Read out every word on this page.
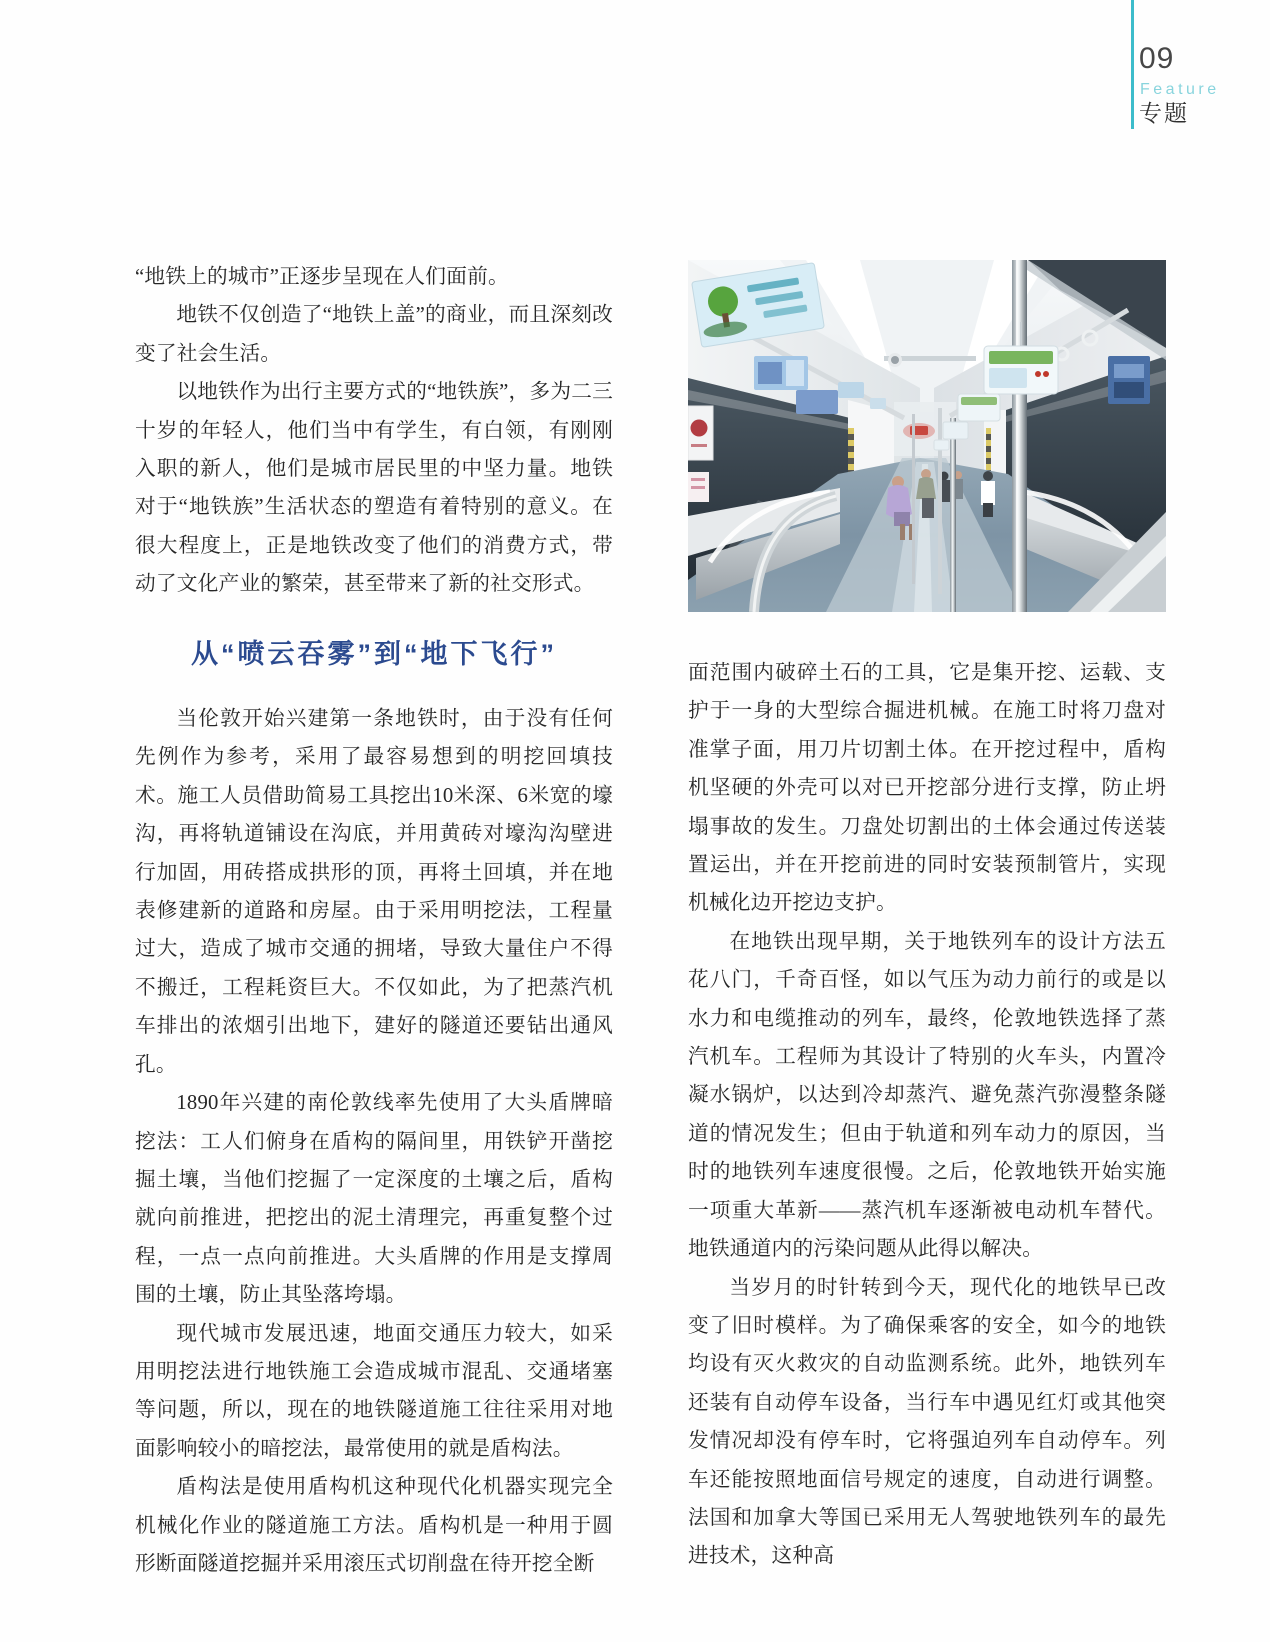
09
Feature
专题

“地铁上的城市”正逐步呈现在人们面前。

地铁不仅创造了“地铁上盖”的商业，而且深刻改变了社会生活。

以地铁作为出行主要方式的“地铁族”，多为二三十岁的年轻人，他们当中有学生，有白领，有刚刚入职的新人，他们是城市居民里的中坚力量。地铁对于“地铁族”生活状态的塑造有着特别的意义。在很大程度上，正是地铁改变了他们的消费方式，带动了文化产业的繁荣，甚至带来了新的社交形式。

从“喷云吞雾”到“地下飞行”

当伦敦开始兴建第一条地铁时，由于没有任何先例作为参考，采用了最容易想到的明挖回填技术。施工人员借助简易工具挖出10米深、6米宽的壕沟，再将轨道铺设在沟底，并用黄砖对壕沟沟壁进行加固，用砖搭成拱形的顶，再将土回填，并在地表修建新的道路和房屋。由于采用明挖法，工程量过大，造成了城市交通的拥堵，导致大量住户不得不搬迁，工程耗资巨大。不仅如此，为了把蒸汽机车排出的浓烟引出地下，建好的隧道还要钻出通风孔。

1890年兴建的南伦敦线率先使用了大头盾牌暗挖法：工人们俯身在盾构的隔间里，用铁铲开凿挖掘土壤，当他们挖掘了一定深度的土壤之后，盾构就向前推进，把挖出的泥土清理完，再重复整个过程，一点一点向前推进。大头盾牌的作用是支撑周围的土壤，防止其坠落垮塌。

现代城市发展迅速，地面交通压力较大，如采用明挖法进行地铁施工会造成城市混乱、交通堵塞等问题，所以，现在的地铁隧道施工往往采用对地面影响较小的暗挖法，最常使用的就是盾构法。

盾构法是使用盾构机这种现代化机器实现完全机械化作业的隧道施工方法。盾构机是一种用于圆形断面隧道挖掘并采用滚压式切削盘在待开挖全断

面范围内破碎土石的工具，它是集开挖、运载、支护于一身的大型综合掘进机械。在施工时将刀盘对准掌子面，用刀片切割土体。在开挖过程中，盾构机坚硬的外壳可以对已开挖部分进行支撑，防止坍塌事故的发生。刀盘处切割出的土体会通过传送装置运出，并在开挖前进的同时安装预制管片，实现机械化边开挖边支护。

在地铁出现早期，关于地铁列车的设计方法五花八门，千奇百怪，如以气压为动力前行的或是以水力和电缆推动的列车，最终，伦敦地铁选择了蒸汽机车。工程师为其设计了特别的火车头，内置冷凝水锅炉，以达到冷却蒸汽、避免蒸汽弥漫整条隧道的情况发生；但由于轨道和列车动力的原因，当时的地铁列车速度很慢。之后，伦敦地铁开始实施一项重大革新——蒸汽机车逐渐被电动机车替代。地铁通道内的污染问题从此得以解决。

当岁月的时针转到今天，现代化的地铁早已改变了旧时模样。为了确保乘客的安全，如今的地铁均设有灭火救灾的自动监测系统。此外，地铁列车还装有自动停车设备，当行车中遇见红灯或其他突发情况却没有停车时，它将强迫列车自动停车。列车还能按照地面信号规定的速度，自动进行调整。法国和加拿大等国已采用无人驾驶地铁列车的最先进技术，这种高
